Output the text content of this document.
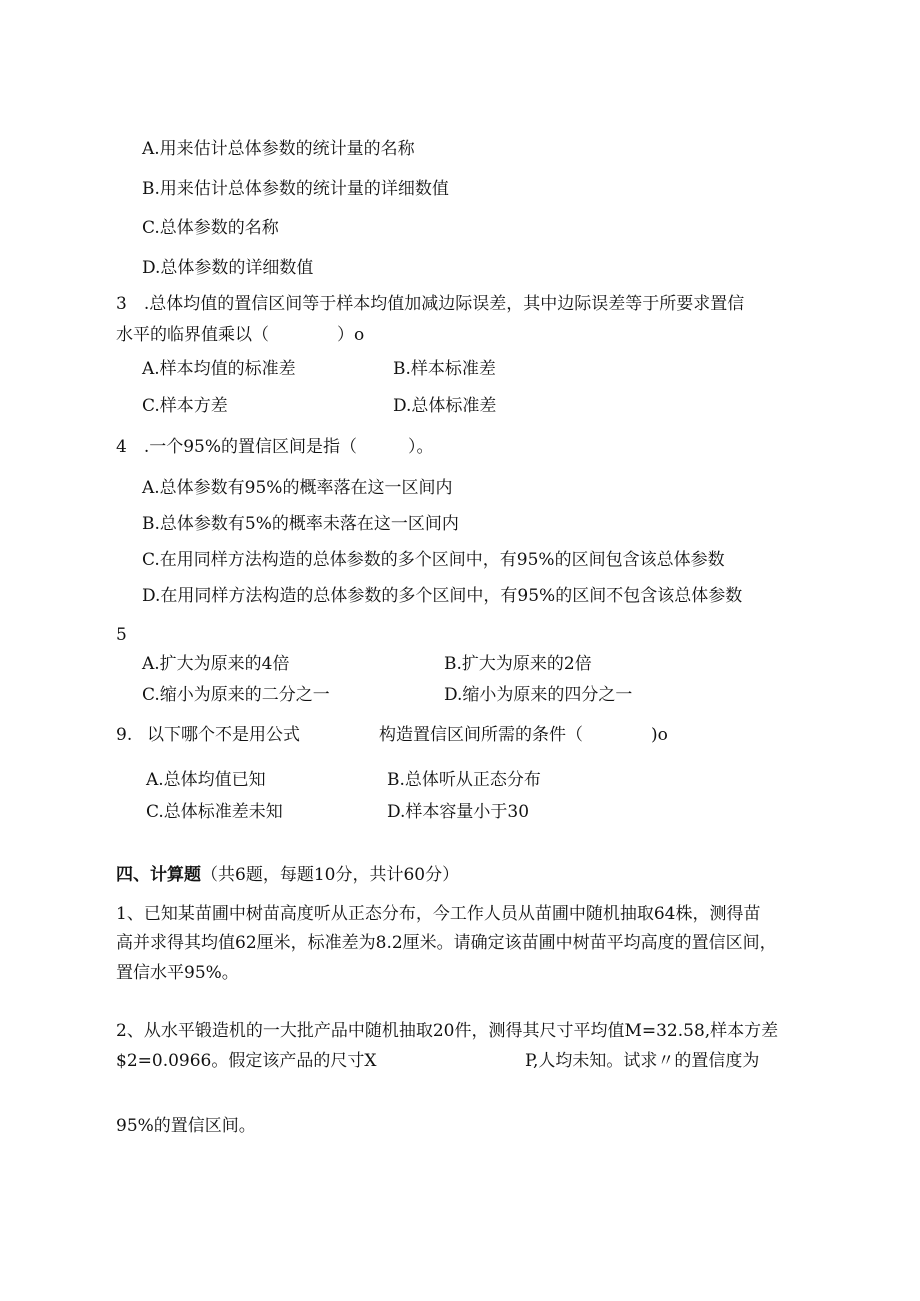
A.用来估计总体参数的统计量的名称
B.用来估计总体参数的统计量的详细数值
C.总体参数的名称
D.总体参数的详细数值
3　.总体均值的置信区间等于样本均值加减边际误差，其中边际误差等于所要求置信
水平的临界值乘以（　　　　）o
A.样本均值的标准差	B.样本标准差
C.样本方差	D.总体标准差
4　.一个95%的置信区间是指（　　　）。
A.总体参数有95%的概率落在这一区间内
B.总体参数有5%的概率未落在这一区间内
C.在用同样方法构造的总体参数的多个区间中，有95%的区间包含该总体参数
D.在用同样方法构造的总体参数的多个区间中，有95%的区间不包含该总体参数
5
A.扩大为原来的4倍	B.扩大为原来的2倍
C.缩小为原来的二分之一	D.缩小为原来的四分之一
9. 以下哪个不是用公式	构造置信区间所需的条件（　　　　)o
A.总体均值已知	B.总体听从正态分布
C.总体标准差未知	D.样本容量小于30
四、计算题（共6题，每题10分，共计60分）
1、已知某苗圃中树苗高度听从正态分布，今工作人员从苗圃中随机抽取64株，测得苗
高并求得其均值62厘米，标准差为8.2厘米。请确定该苗圃中树苗平均高度的置信区间，
置信水平95%。
2、从水平锻造机的一大批产品中随机抽取20件，测得其尺寸平均值M=32.58,样本方差
$2=0.0966。假定该产品的尺寸X	P,人均未知。试求〃的置信度为
95%的置信区间。
